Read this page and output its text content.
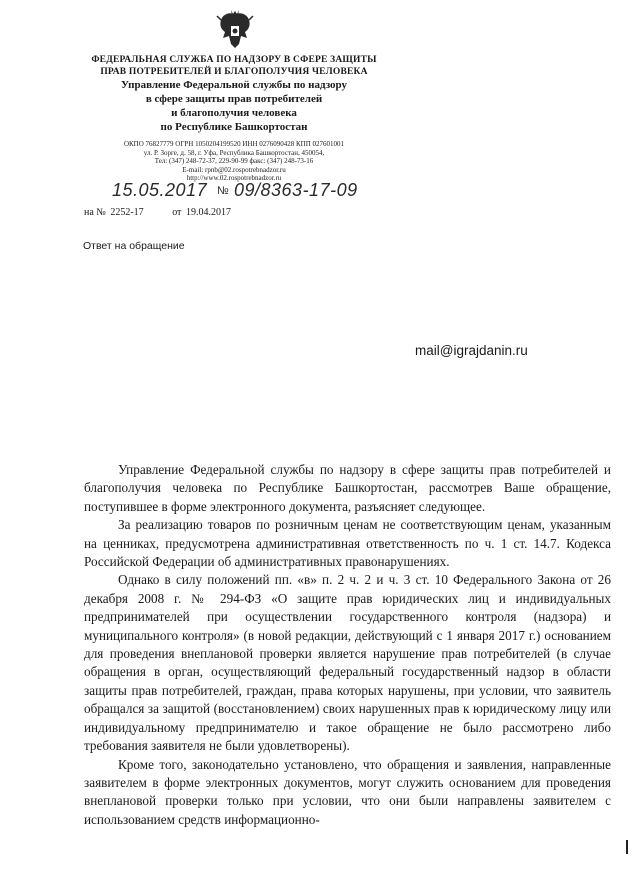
ФЕДЕРАЛЬНАЯ СЛУЖБА ПО НАДЗОРУ В СФЕРЕ ЗАЩИТЫ
ПРАВ ПОТРЕБИТЕЛЕЙ И БЛАГОПОЛУЧИЯ ЧЕЛОВЕКА
Управление Федеральной службы по надзору
в сфере защиты прав потребителей
и благополучия человека
по Республике Башкортостан
ОКПО 76827779 ОГРН 1050204199520 ИНН 0276090428 КПП 027601001
ул. Р. Зорге, д. 58, г. Уфа, Республика Башкортостан, 450054,
Тел: (347) 248-72-37, 229-90-99 факс: (347) 248-73-16
E-mail: rpnb@02.rospotrebnadzor.ru
http://www.02.rospotrebnadzor.ru
15.05.2017 № 09/8363-17-09
на № 2252-17	от 19.04.2017
Ответ на обращение
mail@igrajdanin.ru

Управление Федеральной службы по надзору в сфере защиты прав потребителей и благополучия человека по Республике Башкортостан, рассмотрев Ваше обращение, поступившее в форме электронного документа, разъясняет следующее.

За реализацию товаров по розничным ценам не соответствующим ценам, указанным на ценниках, предусмотрена административная ответственность по ч. 1 ст. 14.7. Кодекса Российской Федерации об административных правонарушениях.

Однако в силу положений пп. «в» п. 2 ч. 2 и ч. 3 ст. 10 Федерального Закона от 26 декабря 2008 г. № 294-ФЗ «О защите прав юридических лиц и индивидуальных предпринимателей при осуществлении государственного контроля (надзора) и муниципального контроля» (в новой редакции, действующий с 1 января 2017 г.) основанием для проведения внеплановой проверки является нарушение прав потребителей (в случае обращения в орган, осуществляющий федеральный государственный надзор в области защиты прав потребителей, граждан, права которых нарушены, при условии, что заявитель обращался за защитой (восстановлением) своих нарушенных прав к юридическому лицу или индивидуальному предпринимателю и такое обращение не было рассмотрено либо требования заявителя не были удовлетворены).

Кроме того, законодательно установлено, что обращения и заявления, направленные заявителем в форме электронных документов, могут служить основанием для проведения внеплановой проверки только при условии, что они были направлены заявителем с использованием средств информационно-
